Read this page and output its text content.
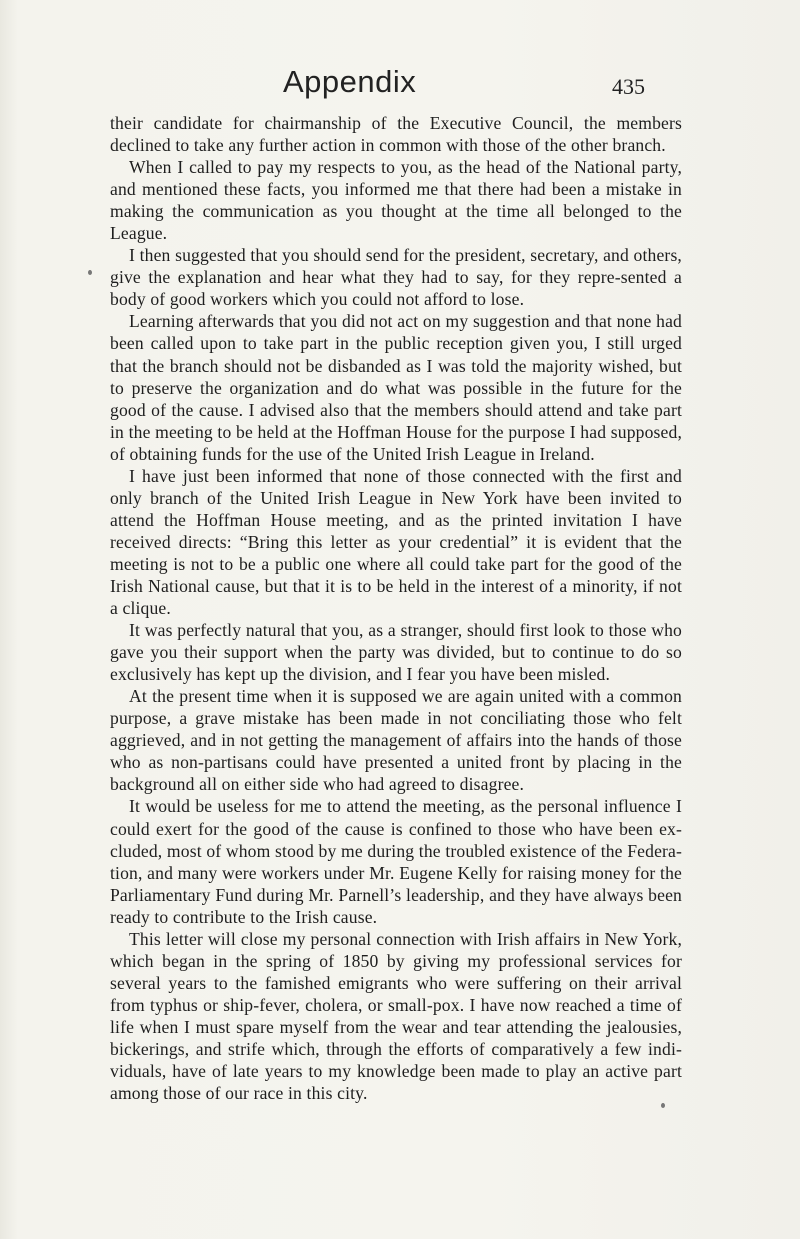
Appendix	435

their candidate for chairmanship of the Executive Council, the members declined to take any further action in common with those of the other branch.

When I called to pay my respects to you, as the head of the National party, and mentioned these facts, you informed me that there had been a mistake in making the communication as you thought at the time all belonged to the League.

I then suggested that you should send for the president, secretary, and others, give the explanation and hear what they had to say, for they repre-sented a body of good workers which you could not afford to lose.

Learning afterwards that you did not act on my suggestion and that none had been called upon to take part in the public reception given you, I still urged that the branch should not be disbanded as I was told the majority wished, but to preserve the organization and do what was possible in the future for the good of the cause. I advised also that the members should attend and take part in the meeting to be held at the Hoffman House for the purpose I had supposed, of obtaining funds for the use of the United Irish League in Ireland.

I have just been informed that none of those connected with the first and only branch of the United Irish League in New York have been invited to attend the Hoffman House meeting, and as the printed invitation I have received directs: “Bring this letter as your credential” it is evident that the meeting is not to be a public one where all could take part for the good of the Irish National cause, but that it is to be held in the interest of a minority, if not a clique.

It was perfectly natural that you, as a stranger, should first look to those who gave you their support when the party was divided, but to continue to do so exclusively has kept up the division, and I fear you have been misled.

At the present time when it is supposed we are again united with a common purpose, a grave mistake has been made in not conciliating those who felt aggrieved, and in not getting the management of affairs into the hands of those who as non-partisans could have presented a united front by placing in the background all on either side who had agreed to disagree.

It would be useless for me to attend the meeting, as the personal influence I could exert for the good of the cause is confined to those who have been ex-cluded, most of whom stood by me during the troubled existence of the Federa-tion, and many were workers under Mr. Eugene Kelly for raising money for the Parliamentary Fund during Mr. Parnell’s leadership, and they have always been ready to contribute to the Irish cause.

This letter will close my personal connection with Irish affairs in New York, which began in the spring of 1850 by giving my professional services for several years to the famished emigrants who were suffering on their arrival from typhus or ship-fever, cholera, or small-pox. I have now reached a time of life when I must spare myself from the wear and tear attending the jealousies, bickerings, and strife which, through the efforts of comparatively a few indi-viduals, have of late years to my knowledge been made to play an active part among those of our race in this city.
